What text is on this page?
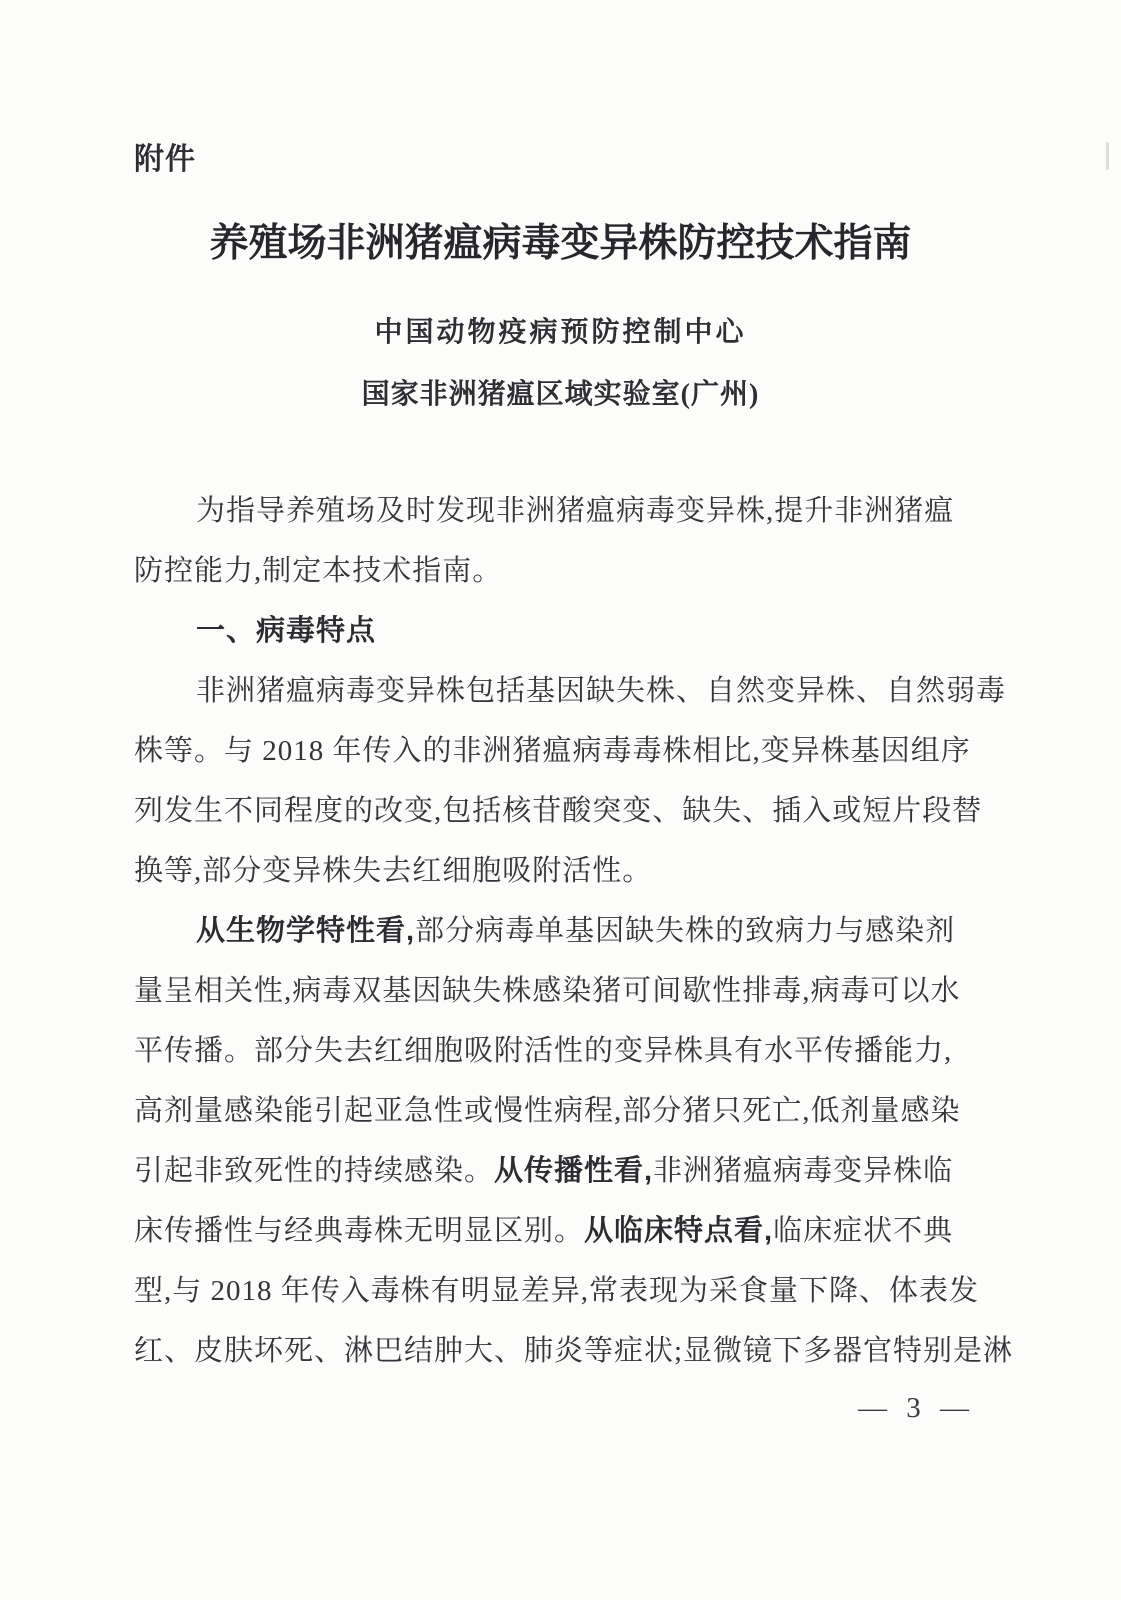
附件
养殖场非洲猪瘟病毒变异株防控技术指南
中国动物疫病预防控制中心
国家非洲猪瘟区域实验室(广州)
为指导养殖场及时发现非洲猪瘟病毒变异株,提升非洲猪瘟
防控能力,制定本技术指南。
一、病毒特点
非洲猪瘟病毒变异株包括基因缺失株、自然变异株、自然弱毒
株等。与 2018 年传入的非洲猪瘟病毒毒株相比,变异株基因组序
列发生不同程度的改变,包括核苷酸突变、缺失、插入或短片段替
换等,部分变异株失去红细胞吸附活性。
从生物学特性看,部分病毒单基因缺失株的致病力与感染剂
量呈相关性,病毒双基因缺失株感染猪可间歇性排毒,病毒可以水
平传播。部分失去红细胞吸附活性的变异株具有水平传播能力,
高剂量感染能引起亚急性或慢性病程,部分猪只死亡,低剂量感染
引起非致死性的持续感染。从传播性看,非洲猪瘟病毒变异株临
床传播性与经典毒株无明显区别。从临床特点看,临床症状不典
型,与 2018 年传入毒株有明显差异,常表现为采食量下降、体表发
红、皮肤坏死、淋巴结肿大、肺炎等症状;显微镜下多器官特别是淋
— 3 —
